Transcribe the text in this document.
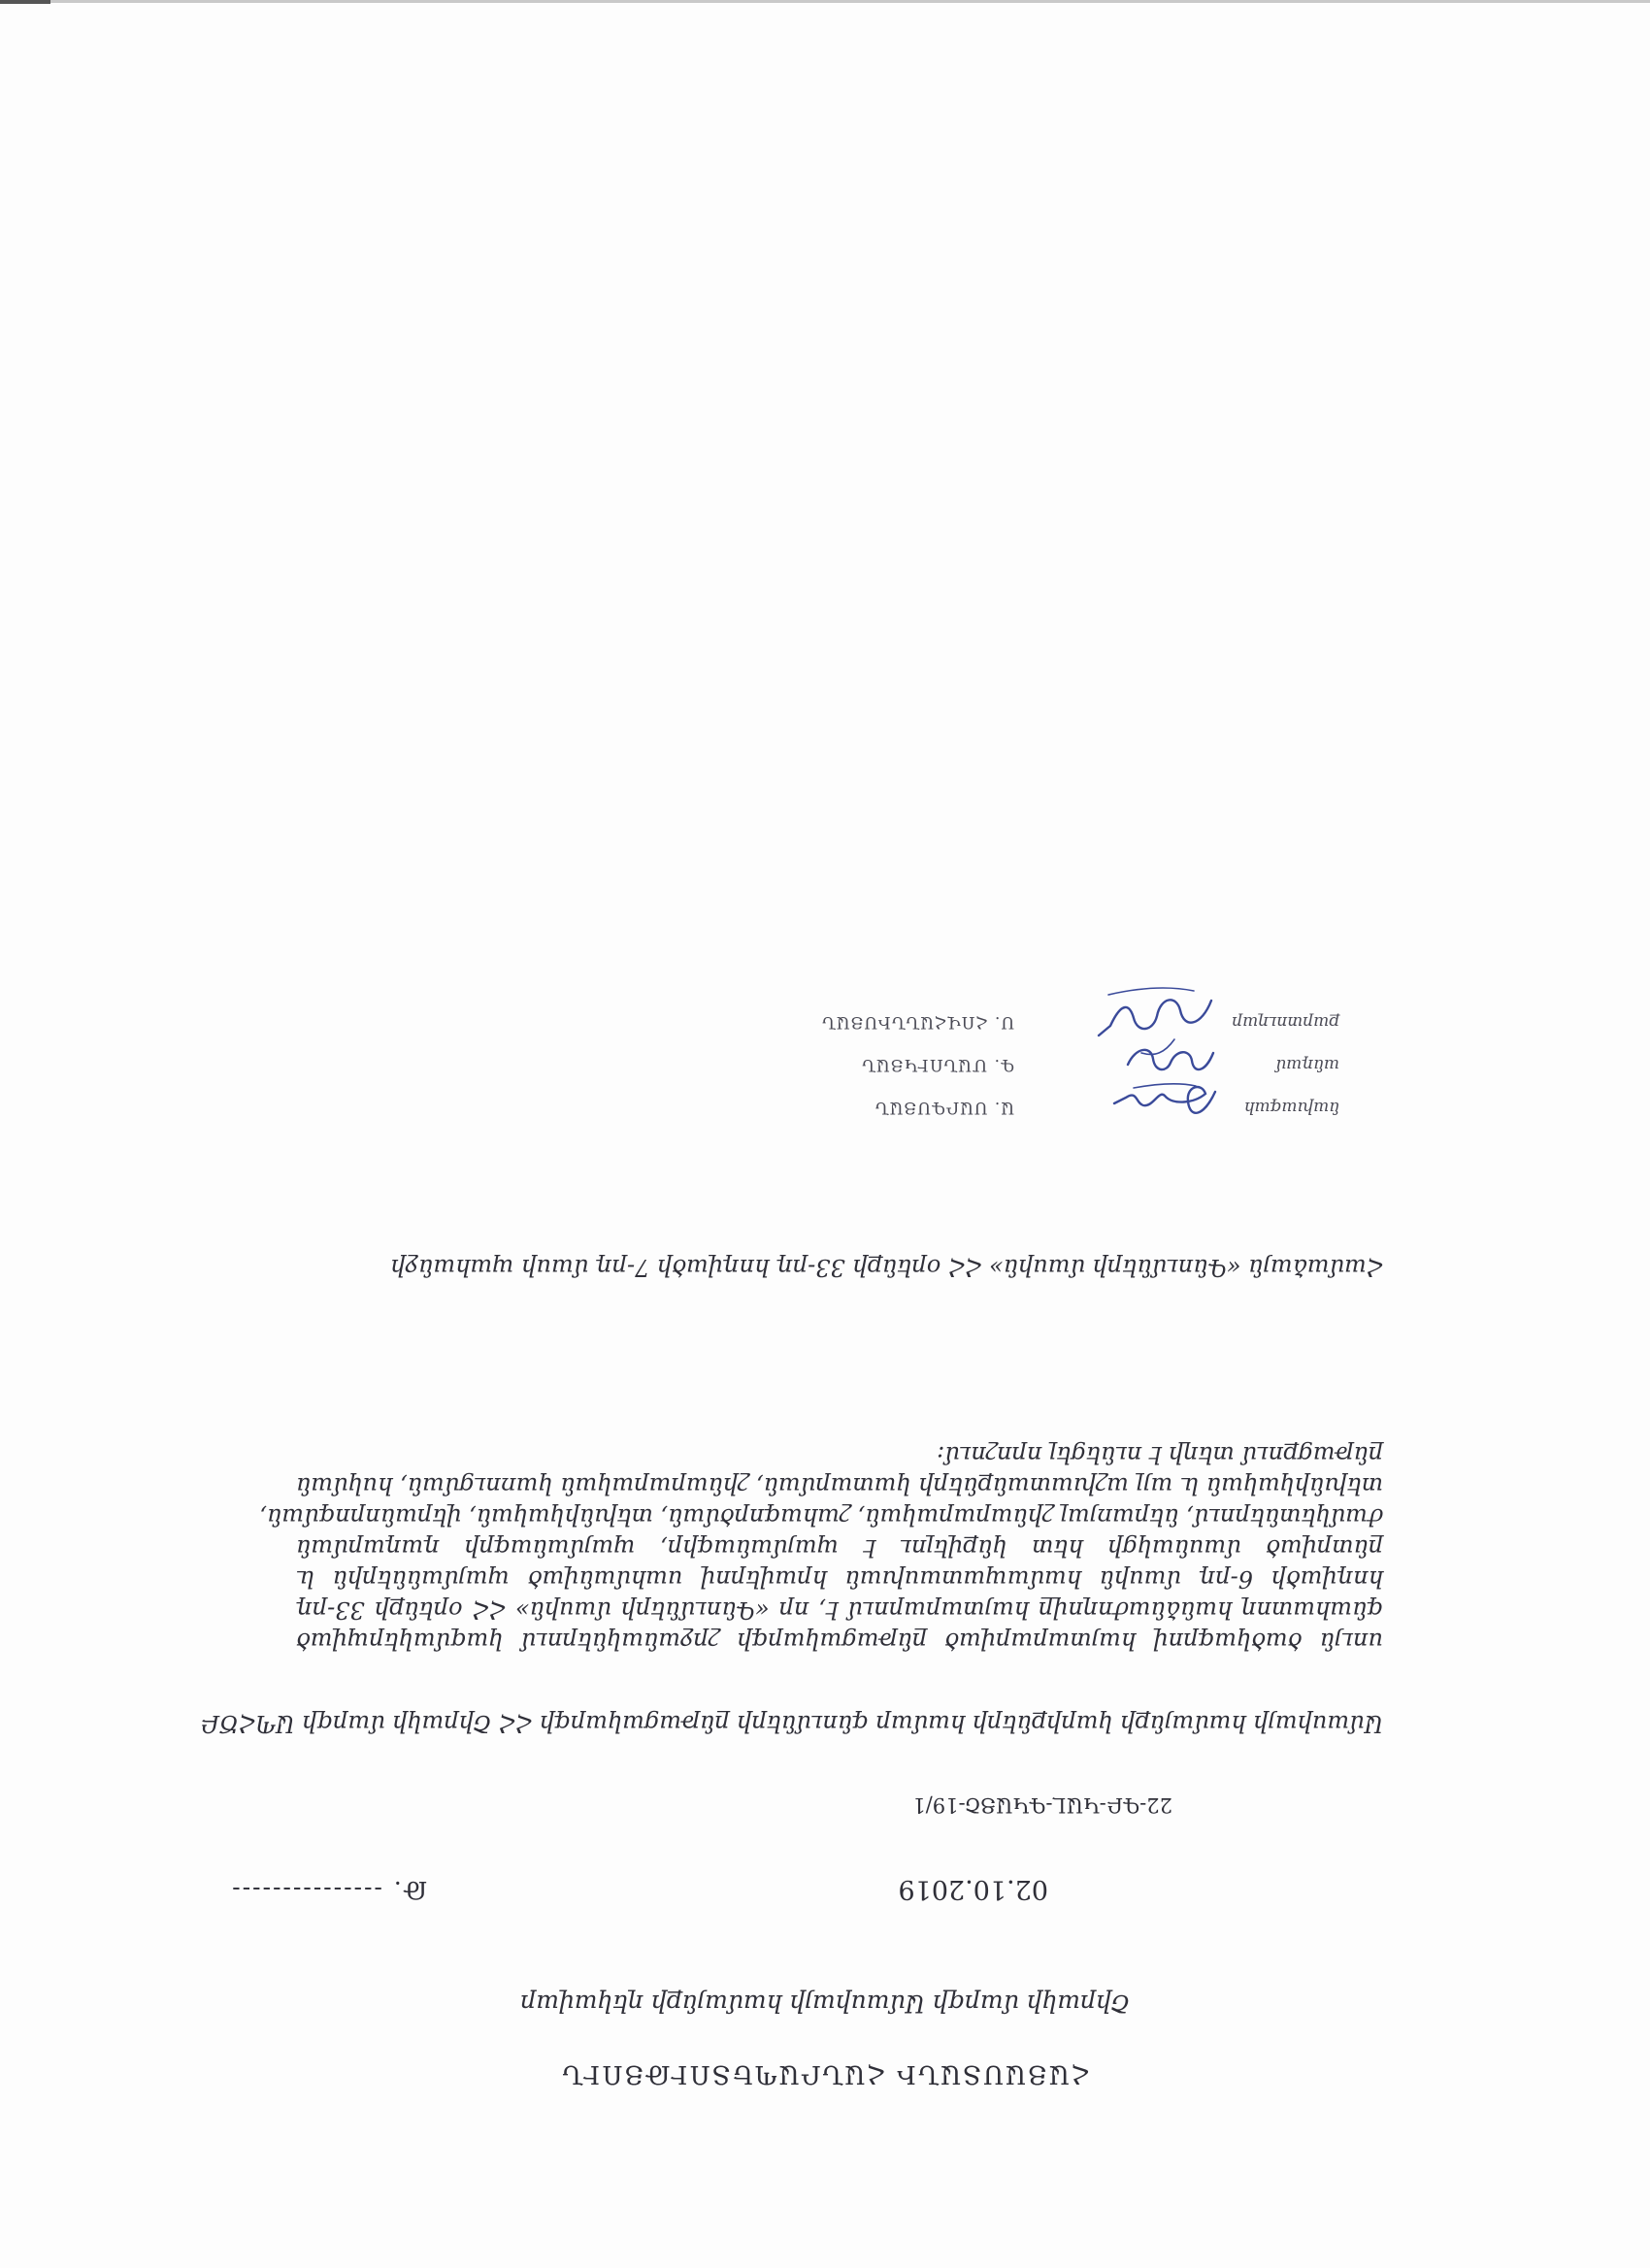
ՀԱՅԱՍՏԱՆԻ ՀԱՆՐԱՊԵՏՈՒԹՅՈՒՆ
Շիրակի մարզի Ամասիայի համայնքի ղեկավար
Թ. ---------------	02.10.2019
22-ԳԲ-ԿԱԼ-ԳԿԱՑՇ-19/1
Ամասիայի համայնքի կարիքների համար գնումների ընթացակարգի ՀՀ Շիրակի մարզի ԱՊՀԾԲ
սույն ծածկագրով հայտարարված ընթացակարգի շրջանակներում կազմակերպված
գնահատող հանձնաժողովը հայտարարում է, որ «Գնումների մասին» ՀՀ օրենքի 33-րդ
հոդվածի 6-րդ մասին համապատասխան հրավերով սահմանված պայմաններին և
ընտրված մասնակցի հետ կնքվելու է պայմանագիր, պայմանագրի դադարման
ժամկետներում, ներառյալ շինարարական, շահագործման, տեխնիկական, վերանորոգման,
տեխնիկական և այլ աշխատանքների կատարման, շինարարական կառուցման, հսկման
ընթացքում տեղի է ունեցել որոշում:
Համաձայն «Գնումների մասին» ՀՀ օրենքի 33-րդ հոդվածի 7-րդ մասի պահանջի
նախագահ
Ա. ՍԱՐԳՍՅԱՆ
անդամ
Գ. ՄԱՆՈՒԿՅԱՆ
քարտուղար
Ս. ՀՈՎՀԱՆՆԻՍՅԱՆ
